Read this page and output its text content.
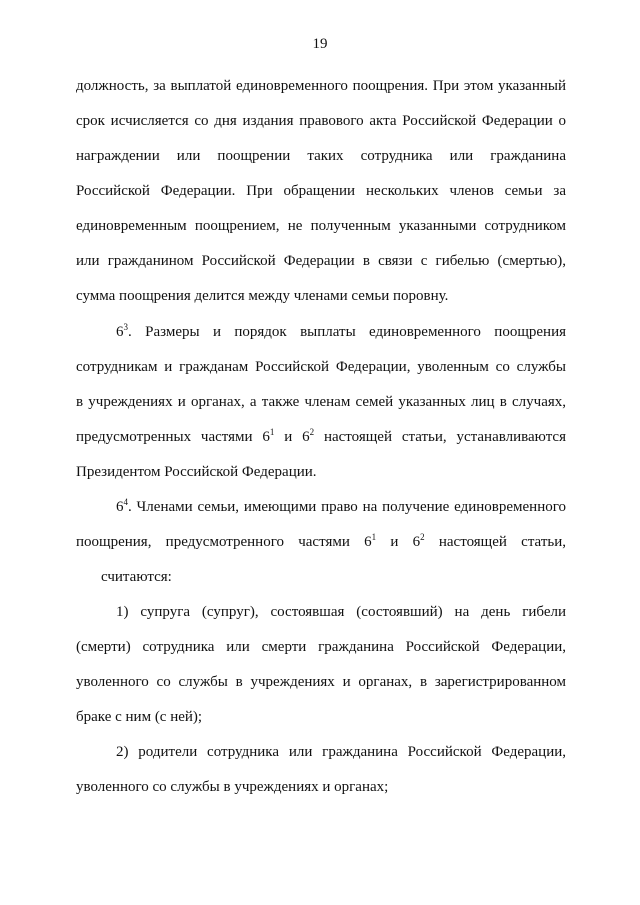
19
должность, за выплатой единовременного поощрения. При этом указанный
срок исчисляется со дня издания правового акта Российской Федерации о
награждении или поощрении таких сотрудника или гражданина
Российской Федерации. При обращении нескольких членов семьи за
единовременным поощрением, не полученным указанными сотрудником
или гражданином Российской Федерации в связи с гибелью (смертью),
сумма поощрения делится между членами семьи поровну.
$6^3$. Размеры и порядок выплаты единовременного поощрения
сотрудникам и гражданам Российской Федерации, уволенным со службы
в учреждениях и органах, а также членам семей указанных лиц в случаях,
предусмотренных частями $6^1$ и $6^2$ настоящей статьи, устанавливаются
Президентом Российской Федерации.
$6^4$. Членами семьи, имеющими право на получение единовременного
поощрения, предусмотренного частями $6^1$ и $6^2$ настоящей статьи,
считаются:
1) супруга (супруг), состоявшая (состоявший) на день гибели
(смерти) сотрудника или смерти гражданина Российской Федерации,
уволенного со службы в учреждениях и органах, в зарегистрированном
браке с ним (с ней);
2) родители сотрудника или гражданина Российской Федерации,
уволенного со службы в учреждениях и органах;
